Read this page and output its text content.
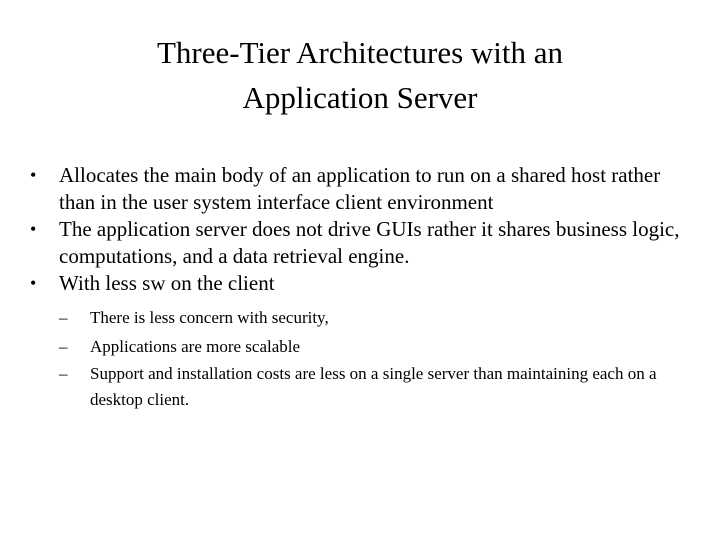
Three-Tier Architectures with an
Application Server
• Allocates the main body of an application to run on a shared host rather than in the user system interface client environment
• The application server does not drive GUIs rather it shares business logic, computations, and a data retrieval engine.
• With less sw on the client
– There is less concern with security,
– Applications are more scalable
– Support and installation costs are less on a single server than maintaining each on a desktop client.
